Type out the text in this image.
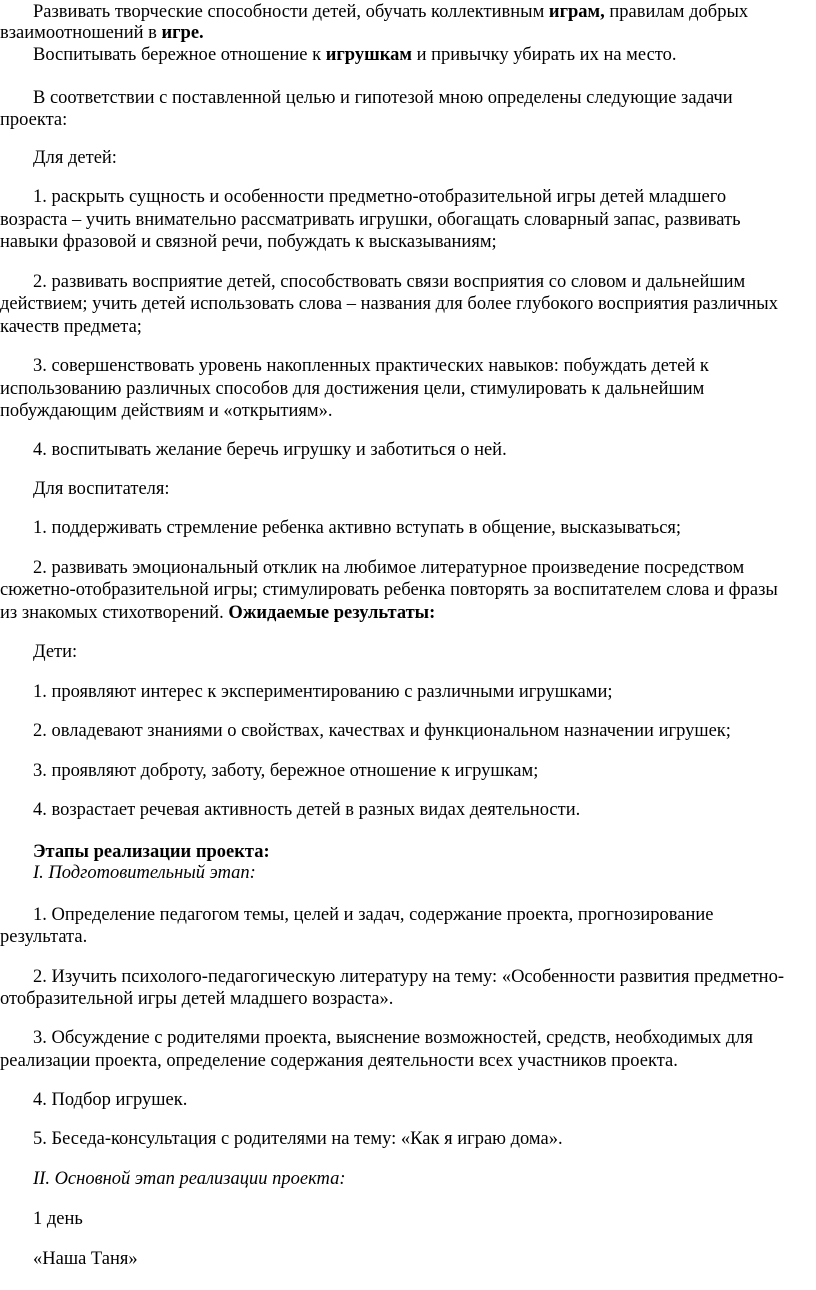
Развивать творческие способности детей, обучать коллективным играм, правилам добрых
взаимоотношений в игре.
Воспитывать бережное отношение к игрушкам и привычку убирать их на место.
В соответствии с поставленной целью и гипотезой мною определены следующие задачи
проекта:
Для детей:
1. раскрыть сущность и особенности предметно-отобразительной игры детей младшего
возраста – учить внимательно рассматривать игрушки, обогащать словарный запас, развивать
навыки фразовой и связной речи, побуждать к высказываниям;
2. развивать восприятие детей, способствовать связи восприятия со словом и дальнейшим
действием; учить детей использовать слова – названия для более глубокого восприятия различных
качеств предмета;
3. совершенствовать уровень накопленных практических навыков: побуждать детей к
использованию различных способов для достижения цели, стимулировать к дальнейшим
побуждающим действиям и «открытиям».
4. воспитывать желание беречь игрушку и заботиться о ней.
Для воспитателя:
1. поддерживать стремление ребенка активно вступать в общение, высказываться;
2. развивать эмоциональный отклик на любимое литературное произведение посредством
сюжетно-отобразительной игры; стимулировать ребенка повторять за воспитателем слова и фразы
из знакомых стихотворений. Ожидаемые результаты:
Дети:
1. проявляют интерес к экспериментированию с различными игрушками;
2. овладевают знаниями о свойствах, качествах и функциональном назначении игрушек;
3. проявляют доброту, заботу, бережное отношение к игрушкам;
4. возрастает речевая активность детей в разных видах деятельности.
Этапы реализации проекта:
I. Подготовительный этап:
1. Определение педагогом темы, целей и задач, содержание проекта, прогнозирование
результата.
2. Изучить психолого-педагогическую литературу на тему: «Особенности развития предметно-
отобразительной игры детей младшего возраста».
3. Обсуждение с родителями проекта, выяснение возможностей, средств, необходимых для
реализации проекта, определение содержания деятельности всех участников проекта.
4. Подбор игрушек.
5. Беседа-консультация с родителями на тему: «Как я играю дома».
II. Основной этап реализации проекта:
1 день
«Наша Таня»
